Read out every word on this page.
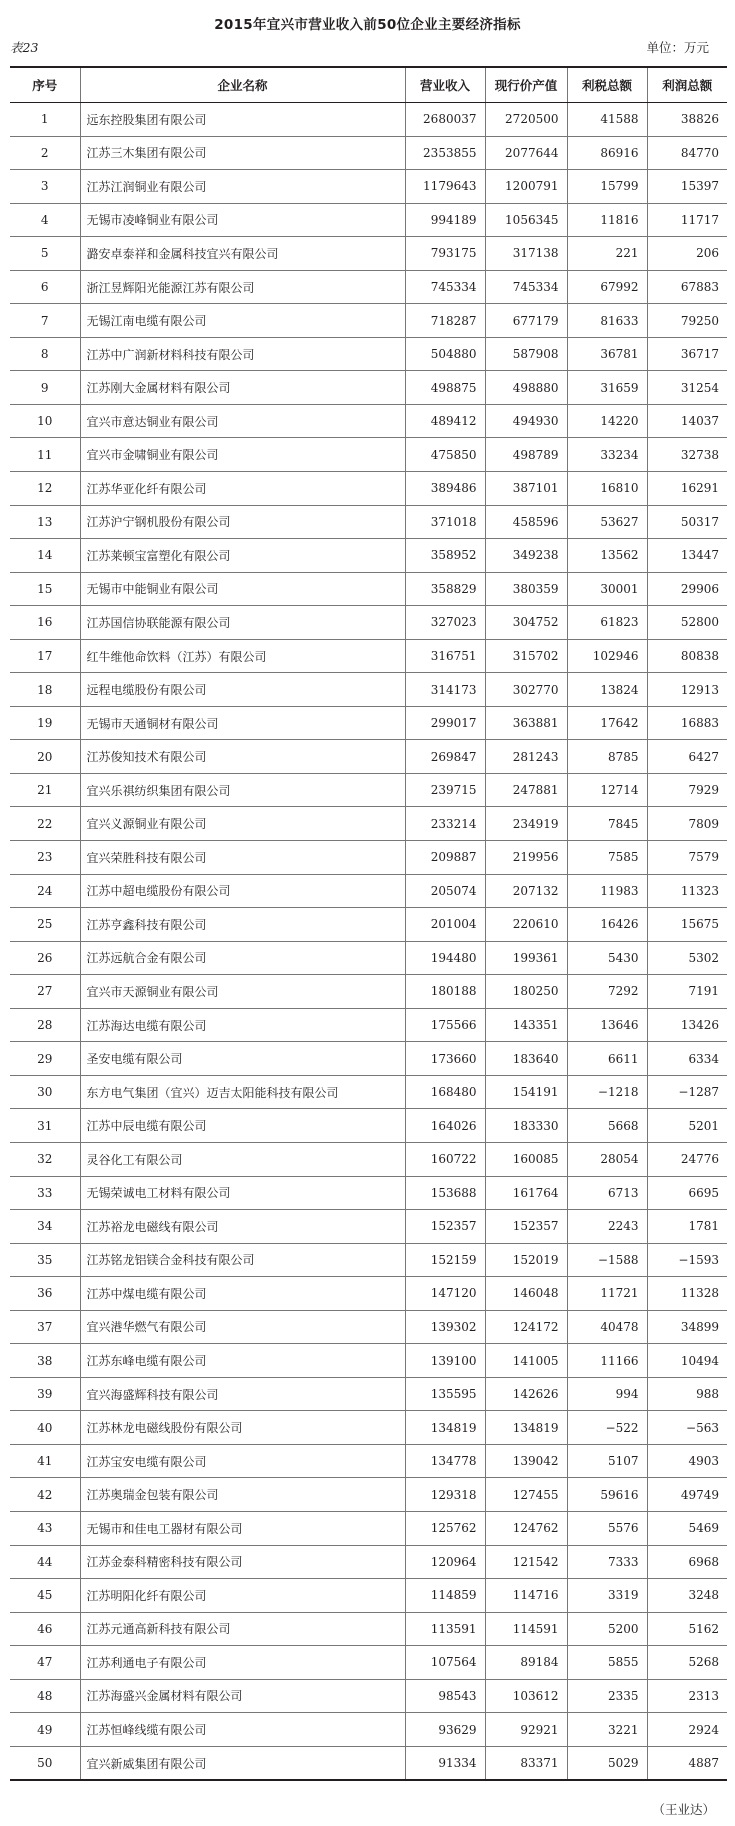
2015年宜兴市营业收入前50位企业主要经济指标
表23	单位：万元
序号	企业名称	营业收入	现行价产值	利税总额	利润总额
1	远东控股集团有限公司	2680037	2720500	41588	38826
2	江苏三木集团有限公司	2353855	2077644	86916	84770
3	江苏江润铜业有限公司	1179643	1200791	15799	15397
4	无锡市凌峰铜业有限公司	994189	1056345	11816	11717
5	潞安卓泰祥和金属科技宜兴有限公司	793175	317138	221	206
6	浙江昱辉阳光能源江苏有限公司	745334	745334	67992	67883
7	无锡江南电缆有限公司	718287	677179	81633	79250
8	江苏中广润新材料科技有限公司	504880	587908	36781	36717
9	江苏刚大金属材料有限公司	498875	498880	31659	31254
10	宜兴市意达铜业有限公司	489412	494930	14220	14037
11	宜兴市金啸铜业有限公司	475850	498789	33234	32738
12	江苏华亚化纤有限公司	389486	387101	16810	16291
13	江苏沪宁钢机股份有限公司	371018	458596	53627	50317
14	江苏莱顿宝富塑化有限公司	358952	349238	13562	13447
15	无锡市中能铜业有限公司	358829	380359	30001	29906
16	江苏国信协联能源有限公司	327023	304752	61823	52800
17	红牛维他命饮料（江苏）有限公司	316751	315702	102946	80838
18	远程电缆股份有限公司	314173	302770	13824	12913
19	无锡市天通铜材有限公司	299017	363881	17642	16883
20	江苏俊知技术有限公司	269847	281243	8785	6427
21	宜兴乐祺纺织集团有限公司	239715	247881	12714	7929
22	宜兴义源铜业有限公司	233214	234919	7845	7809
23	宜兴荣胜科技有限公司	209887	219956	7585	7579
24	江苏中超电缆股份有限公司	205074	207132	11983	11323
25	江苏亨鑫科技有限公司	201004	220610	16426	15675
26	江苏远航合金有限公司	194480	199361	5430	5302
27	宜兴市天源铜业有限公司	180188	180250	7292	7191
28	江苏海达电缆有限公司	175566	143351	13646	13426
29	圣安电缆有限公司	173660	183640	6611	6334
30	东方电气集团（宜兴）迈吉太阳能科技有限公司	168480	154191	−1218	−1287
31	江苏中辰电缆有限公司	164026	183330	5668	5201
32	灵谷化工有限公司	160722	160085	28054	24776
33	无锡荣诚电工材料有限公司	153688	161764	6713	6695
34	江苏裕龙电磁线有限公司	152357	152357	2243	1781
35	江苏铭龙铝镁合金科技有限公司	152159	152019	−1588	−1593
36	江苏中煤电缆有限公司	147120	146048	11721	11328
37	宜兴港华燃气有限公司	139302	124172	40478	34899
38	江苏东峰电缆有限公司	139100	141005	11166	10494
39	宜兴海盛辉科技有限公司	135595	142626	994	988
40	江苏林龙电磁线股份有限公司	134819	134819	−522	−563
41	江苏宝安电缆有限公司	134778	139042	5107	4903
42	江苏奥瑞金包装有限公司	129318	127455	59616	49749
43	无锡市和佳电工器材有限公司	125762	124762	5576	5469
44	江苏金泰科精密科技有限公司	120964	121542	7333	6968
45	江苏明阳化纤有限公司	114859	114716	3319	3248
46	江苏元通高新科技有限公司	113591	114591	5200	5162
47	江苏利通电子有限公司	107564	89184	5855	5268
48	江苏海盛兴金属材料有限公司	98543	103612	2335	2313
49	江苏恒峰线缆有限公司	93629	92921	3221	2924
50	宜兴新威集团有限公司	91334	83371	5029	4887
（王业达）
